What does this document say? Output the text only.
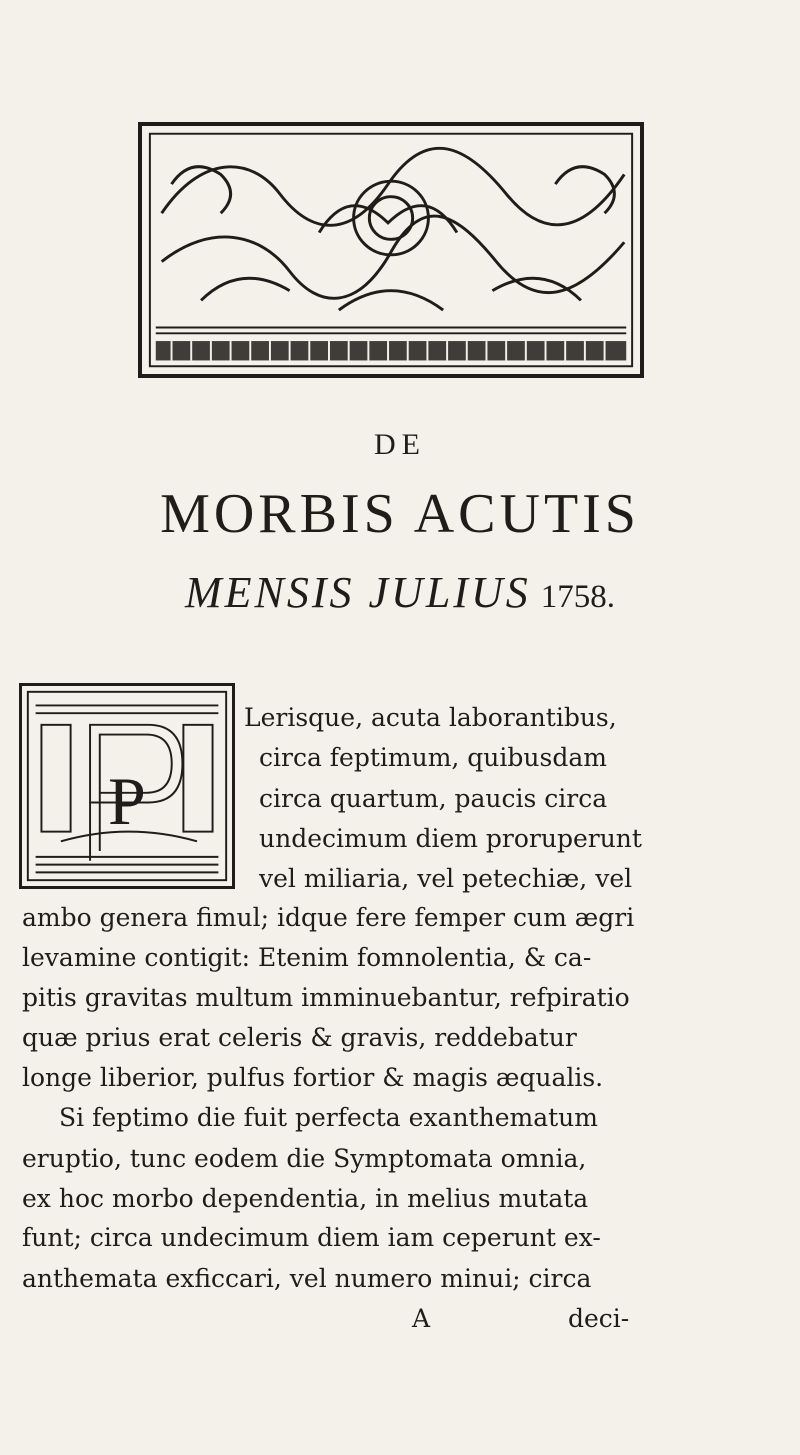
DE
MORBIS ACUTIS
MENSIS JULIUS 1758.
P
Lerisque, acuta laborantibus,
circa feptimum, quibusdam
circa quartum, paucis circa
undecimum diem proruperunt
vel miliaria, vel petechiæ, vel
ambo genera fimul; idque fere femper cum ægri
levamine contigit: Etenim fomnolentia, & ca-
pitis gravitas multum imminuebantur, refpiratio
quæ prius erat celeris & gravis, reddebatur
longe liberior, pulfus fortior & magis æqualis.
Si feptimo die fuit perfecta exanthematum
eruptio, tunc eodem die Symptomata omnia,
ex hoc morbo dependentia, in melius mutata
funt; circa undecimum diem iam ceperunt ex-
anthemata exficcari, vel numero minui; circa
A	deci-
